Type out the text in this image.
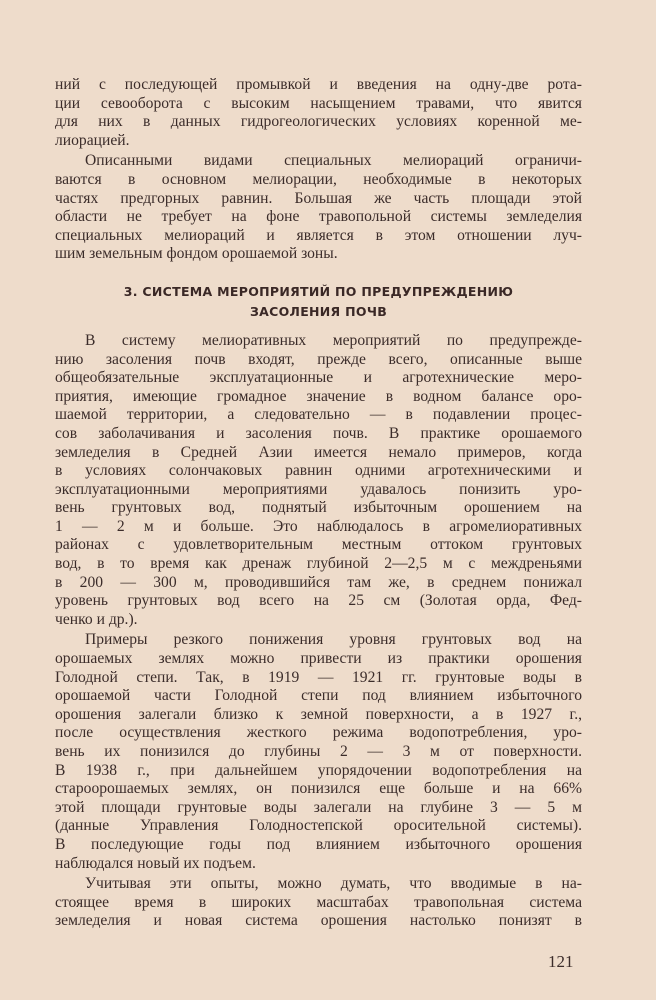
ний с последующей промывкой и введения на одну-две рота-
ции севооборота с высоким насыщением травами, что явится
для них в данных гидрогеологических условиях коренной ме-
лиорацией.
Описанными видами специальных мелиораций ограничи-
ваются в основном мелиорации, необходимые в некоторых
частях предгорных равнин. Большая же часть площади этой
области не требует на фоне травопольной системы земледелия
специальных мелиораций и является в этом отношении луч-
шим земельным фондом орошаемой зоны.
3. СИСТЕМА МЕРОПРИЯТИЙ ПО ПРЕДУПРЕЖДЕНИЮ
ЗАСОЛЕНИЯ ПОЧВ
В систему мелиоративных мероприятий по предупрежде-
нию засоления почв входят, прежде всего, описанные выше
общеобязательные эксплуатационные и агротехнические меро-
приятия, имеющие громадное значение в водном балансе оро-
шаемой территории, а следовательно — в подавлении процес-
сов заболачивания и засоления почв. В практике орошаемого
земледелия в Средней Азии имеется немало примеров, когда
в условиях солончаковых равнин одними агротехническими и
эксплуатационными мероприятиями удавалось понизить уро-
вень грунтовых вод, поднятый избыточным орошением на
1 — 2 м и больше. Это наблюдалось в агромелиоративных
районах с удовлетворительным местным оттоком грунтовых
вод, в то время как дренаж глубиной 2—2,5 м с междреньями
в 200 — 300 м, проводившийся там же, в среднем понижал
уровень грунтовых вод всего на 25 см (Золотая орда, Фед-
ченко и др.).
Примеры резкого понижения уровня грунтовых вод на
орошаемых землях можно привести из практики орошения
Голодной степи. Так, в 1919 — 1921 гг. грунтовые воды в
орошаемой части Голодной степи под влиянием избыточного
орошения залегали близко к земной поверхности, а в 1927 г.,
после осуществления жесткого режима водопотребления, уро-
вень их понизился до глубины 2 — 3 м от поверхности.
В 1938 г., при дальнейшем упорядочении водопотребления на
староорошаемых землях, он понизился еще больше и на 66%
этой площади грунтовые воды залегали на глубине 3 — 5 м
(данные Управления Голодностепской оросительной системы).
В последующие годы под влиянием избыточного орошения
наблюдался новый их подъем.
Учитывая эти опыты, можно думать, что вводимые в на-
стоящее время в широких масштабах травопольная система
земледелия и новая система орошения настолько понизят в
121
